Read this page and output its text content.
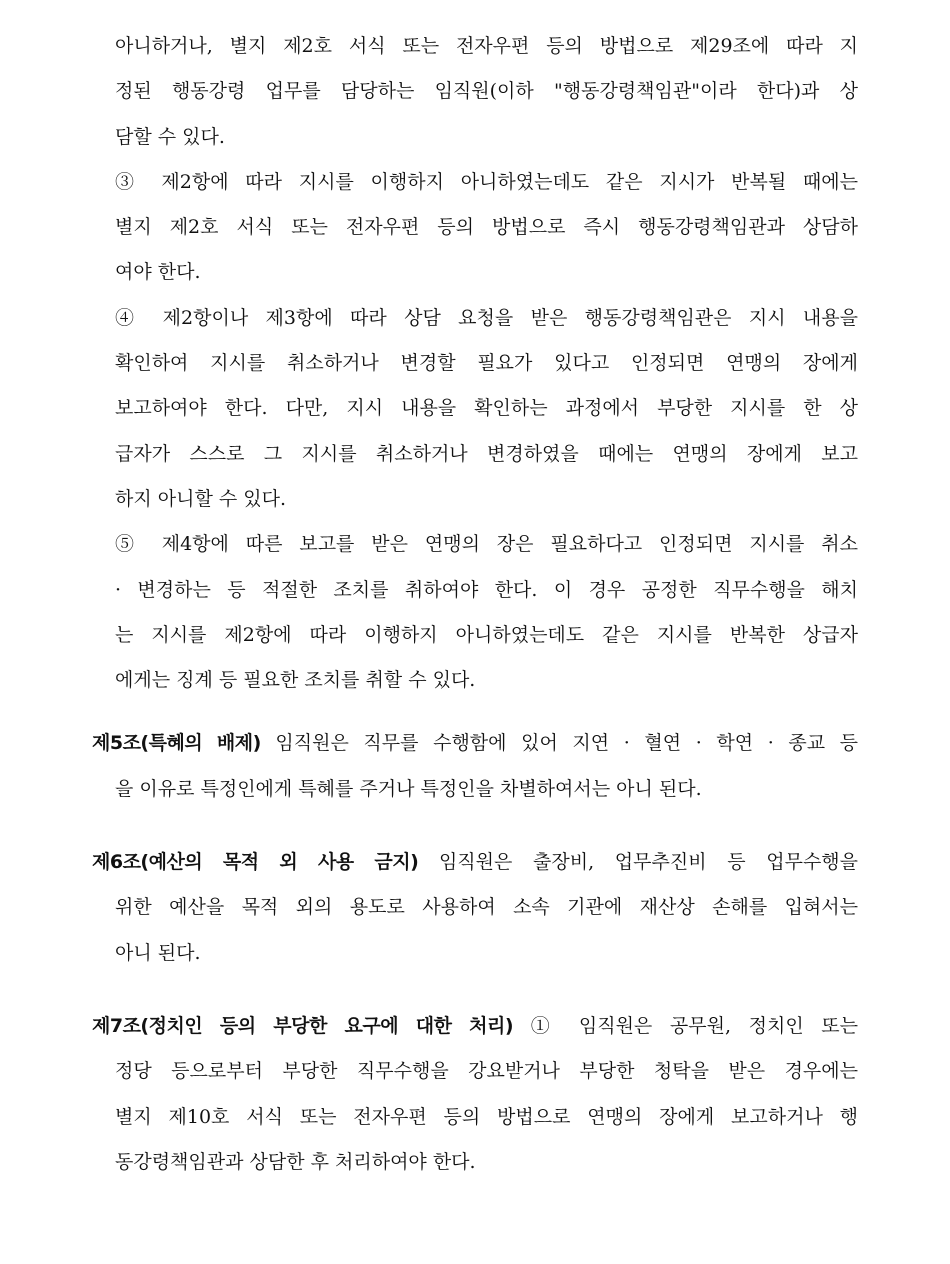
아니하거나, 별지 제2호 서식 또는 전자우편 등의 방법으로 제29조에 따라 지
정된 행동강령 업무를 담당하는 임직원(이하 "행동강령책임관"이라 한다)과 상
담할 수 있다.
③ 제2항에 따라 지시를 이행하지 아니하였는데도 같은 지시가 반복될 때에는
별지 제2호 서식 또는 전자우편 등의 방법으로 즉시 행동강령책임관과 상담하
여야 한다.
④ 제2항이나 제3항에 따라 상담 요청을 받은 행동강령책임관은 지시 내용을
확인하여 지시를 취소하거나 변경할 필요가 있다고 인정되면 연맹의 장에게
보고하여야 한다. 다만, 지시 내용을 확인하는 과정에서 부당한 지시를 한 상
급자가 스스로 그 지시를 취소하거나 변경하였을 때에는 연맹의 장에게 보고
하지 아니할 수 있다.
⑤ 제4항에 따른 보고를 받은 연맹의 장은 필요하다고 인정되면 지시를 취소
· 변경하는 등 적절한 조치를 취하여야 한다. 이 경우 공정한 직무수행을 해치
는 지시를 제2항에 따라 이행하지 아니하였는데도 같은 지시를 반복한 상급자
에게는 징계 등 필요한 조치를 취할 수 있다.
제5조(특혜의 배제) 임직원은 직무를 수행함에 있어 지연 · 혈연 · 학연 · 종교 등
을 이유로 특정인에게 특혜를 주거나 특정인을 차별하여서는 아니 된다.
제6조(예산의 목적 외 사용 금지) 임직원은 출장비, 업무추진비 등 업무수행을
위한 예산을 목적 외의 용도로 사용하여 소속 기관에 재산상 손해를 입혀서는
아니 된다.
제7조(정치인 등의 부당한 요구에 대한 처리) ① 임직원은 공무원, 정치인 또는
정당 등으로부터 부당한 직무수행을 강요받거나 부당한 청탁을 받은 경우에는
별지 제10호 서식 또는 전자우편 등의 방법으로 연맹의 장에게 보고하거나 행
동강령책임관과 상담한 후 처리하여야 한다.
